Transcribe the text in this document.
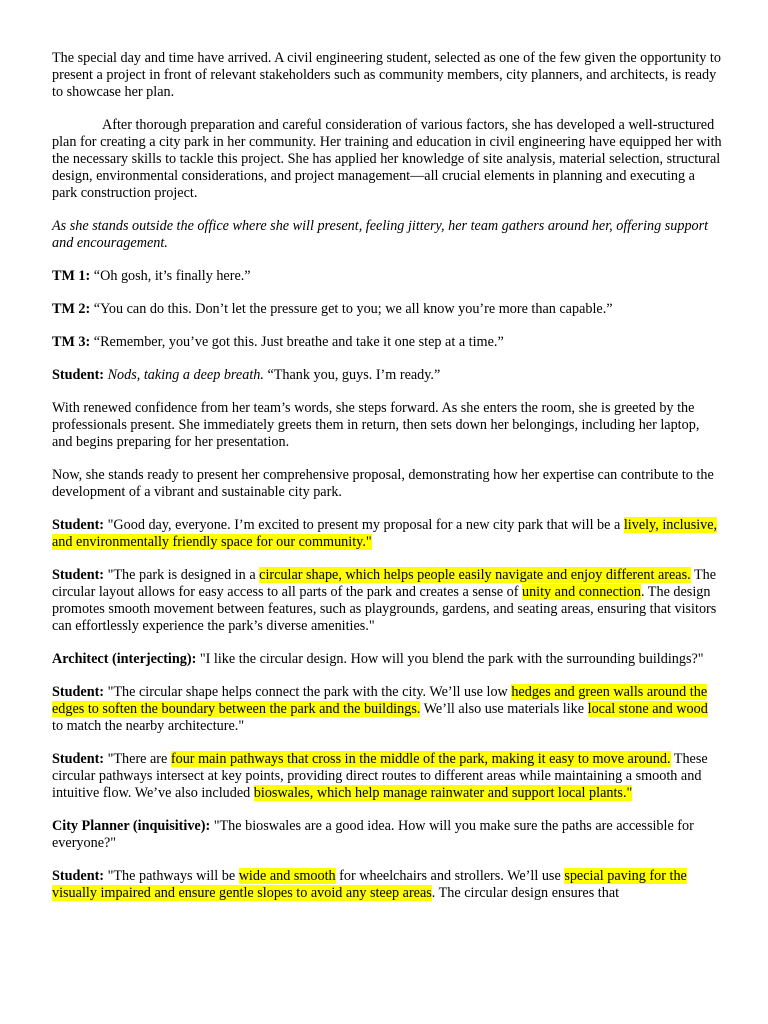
The special day and time have arrived. A civil engineering student, selected as one of the few given the opportunity to present a project in front of relevant stakeholders such as community members, city planners, and architects, is ready to showcase her plan.

After thorough preparation and careful consideration of various factors, she has developed a well-structured plan for creating a city park in her community. Her training and education in civil engineering have equipped her with the necessary skills to tackle this project. She has applied her knowledge of site analysis, material selection, structural design, environmental considerations, and project management—all crucial elements in planning and executing a park construction project.

As she stands outside the office where she will present, feeling jittery, her team gathers around her, offering support and encouragement.

TM 1: “Oh gosh, it’s finally here.”

TM 2: “You can do this. Don’t let the pressure get to you; we all know you’re more than capable.”

TM 3: “Remember, you’ve got this. Just breathe and take it one step at a time.”

Student: Nods, taking a deep breath. “Thank you, guys. I’m ready.”

With renewed confidence from her team’s words, she steps forward. As she enters the room, she is greeted by the professionals present. She immediately greets them in return, then sets down her belongings, including her laptop, and begins preparing for her presentation.

Now, she stands ready to present her comprehensive proposal, demonstrating how her expertise can contribute to the development of a vibrant and sustainable city park.

Student: "Good day, everyone. I’m excited to present my proposal for a new city park that will be a lively, inclusive, and environmentally friendly space for our community."

Student: "The park is designed in a circular shape, which helps people easily navigate and enjoy different areas. The circular layout allows for easy access to all parts of the park and creates a sense of unity and connection. The design promotes smooth movement between features, such as playgrounds, gardens, and seating areas, ensuring that visitors can effortlessly experience the park’s diverse amenities."

Architect (interjecting): "I like the circular design. How will you blend the park with the surrounding buildings?"

Student: "The circular shape helps connect the park with the city. We’ll use low hedges and green walls around the edges to soften the boundary between the park and the buildings. We’ll also use materials like local stone and wood to match the nearby architecture."

Student: "There are four main pathways that cross in the middle of the park, making it easy to move around. These circular pathways intersect at key points, providing direct routes to different areas while maintaining a smooth and intuitive flow. We’ve also included bioswales, which help manage rainwater and support local plants."

City Planner (inquisitive): "The bioswales are a good idea. How will you make sure the paths are accessible for everyone?"

Student: "The pathways will be wide and smooth for wheelchairs and strollers. We’ll use special paving for the visually impaired and ensure gentle slopes to avoid any steep areas. The circular design ensures that
